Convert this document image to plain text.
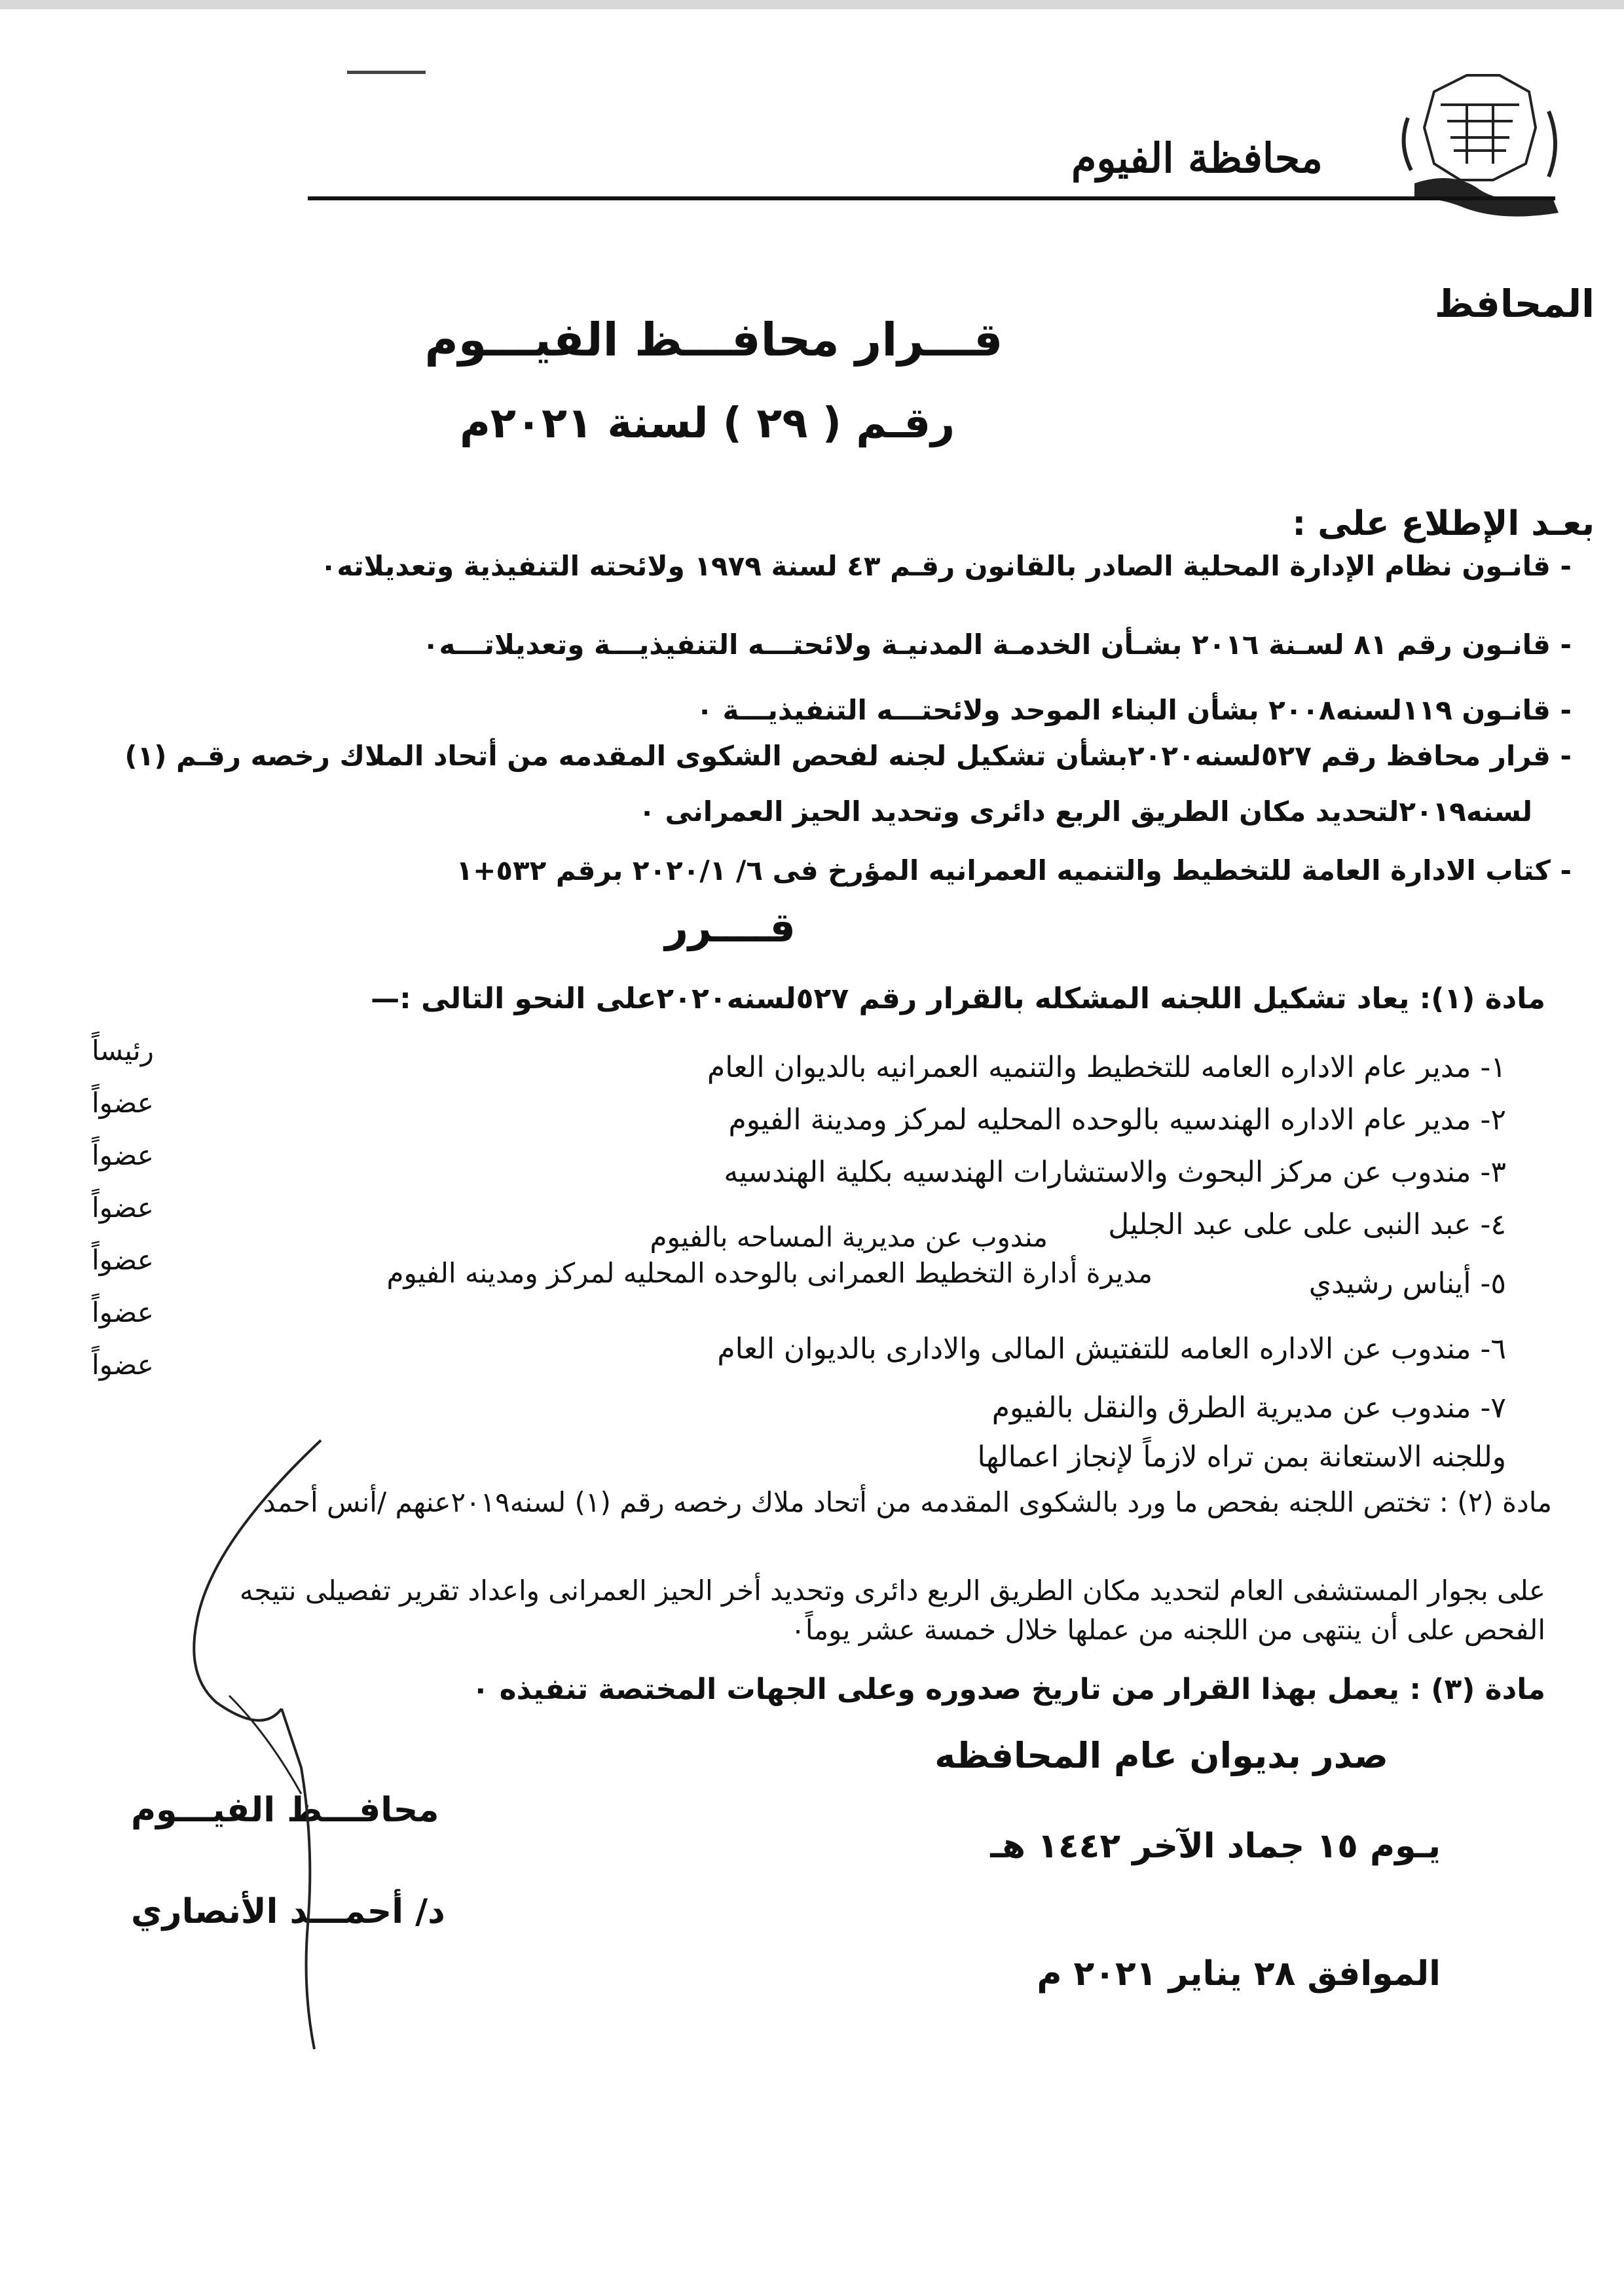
محافظة الفيوم
المحافظ
قـــرار محافـــظ الفيـــوم
رقـم ( ٢٩ ) لسنة ٢٠٢١م
بعـد الإطلاع على :
- قانـون نظام الإدارة المحلية الصادر بالقانون رقـم ٤٣ لسنة ١٩٧٩ ولائحته التنفيذية وتعديلاته٠
- قانـون رقم ٨١ لسـنة ٢٠١٦ بشـأن الخدمـة المدنيـة ولائحتـــه التنفيذيـــة وتعديلاتـــه٠
- قانـون ١١٩لسنه٢٠٠٨ بشأن البناء الموحد ولائحتـــه التنفيذيـــة ٠
- قرار محافظ رقم ٥٢٧لسنه٢٠٢٠بشأن تشكيل لجنه لفحص الشكوى المقدمه من أتحاد الملاك رخصه رقـم (١)
لسنه٢٠١٩لتحديد مكان الطريق الربع دائرى وتحديد الحيز العمرانى ٠
- كتاب الادارة العامة للتخطيط والتنميه العمرانيه المؤرخ فى ٦/ ٢٠٢٠/١ برقم ٥٣٢+١
قــــرر
مادة (١): يعاد تشكيل اللجنه المشكله بالقرار رقم ٥٢٧لسنه٢٠٢٠على النحو التالى :—
١- مدير عام الاداره العامه للتخطيط والتنميه العمرانيه بالديوان العام
رئيساً
٢- مدير عام الاداره الهندسيه بالوحده المحليه لمركز ومدينة الفيوم
عضواً
٣- مندوب عن مركز البحوث والاستشارات الهندسيه بكلية الهندسيه
عضواً
٤- عبد النبى على على عبد الجليل
مندوب عن مديرية المساحه بالفيوم
عضواً
٥- أيناس رشيدي
مديرة أدارة التخطيط العمرانى بالوحده المحليه لمركز ومدينه الفيوم
عضواً
٦- مندوب عن الاداره العامه للتفتيش المالى والادارى بالديوان العام
عضواً
٧- مندوب عن مديرية الطرق والنقل بالفيوم
عضواً
وللجنه الاستعانة بمن تراه لازماً لإنجاز اعمالها
مادة (٢) : تختص اللجنه بفحص ما ورد بالشكوى المقدمه من أتحاد ملاك رخصه رقم (١) لسنه٢٠١٩عنهم /أنس أحمد
على بجوار المستشفى العام لتحديد مكان الطريق الربع دائرى وتحديد أخر الحيز العمرانى واعداد تقرير تفصيلى نتيجه
الفحص على أن ينتهى من اللجنه من عملها خلال خمسة عشر يوماً٠
مادة (٣) : يعمل بهذا القرار من تاريخ صدوره وعلى الجهات المختصة تنفيذه ٠
صدر بديوان عام المحافظه
يـوم ١٥ جماد الآخر ١٤٤٢ هـ
الموافق ٢٨ يناير ٢٠٢١ م
محافـــظ الفيـــوم
د/ أحمـــد الأنصاري
